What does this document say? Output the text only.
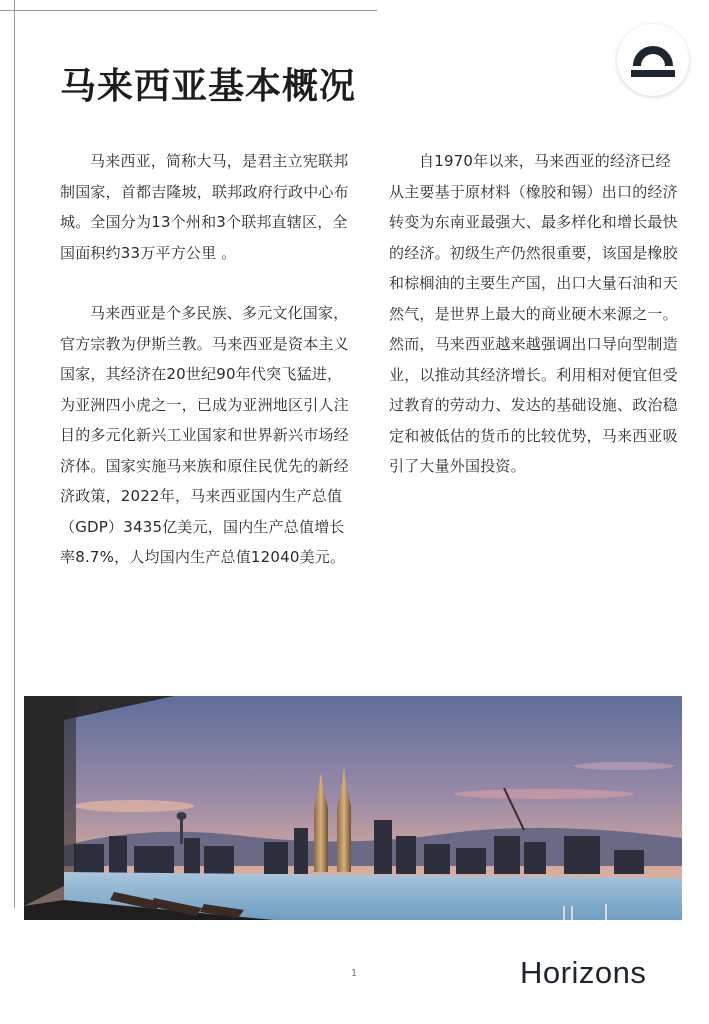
马来西亚基本概况

马来西亚，简称大马，是君主立宪联邦制国家，首都吉隆坡，联邦政府行政中心布城。全国分为13个州和3个联邦直辖区，全国面积约33万平方公里 。

马来西亚是个多民族、多元文化国家，官方宗教为伊斯兰教。马来西亚是资本主义国家，其经济在20世纪90年代突飞猛进，为亚洲四小虎之一，已成为亚洲地区引人注目的多元化新兴工业国家和世界新兴市场经济体。国家实施马来族和原住民优先的新经济政策，2022年，马来西亚国内生产总值（GDP）3435亿美元，国内生产总值增长率8.7%，人均国内生产总值12040美元。

自1970年以来，马来西亚的经济已经从主要基于原材料（橡胶和锡）出口的经济转变为东南亚最强大、最多样化和增长最快的经济。初级生产仍然很重要，该国是橡胶和棕榈油的主要生产国，出口大量石油和天然气，是世界上最大的商业硬木来源之一。然而，马来西亚越来越强调出口导向型制造业，以推动其经济增长。利用相对便宜但受过教育的劳动力、发达的基础设施、政治稳定和被低估的货币的比较优势，马来西亚吸引了大量外国投资。

1	Horizons
